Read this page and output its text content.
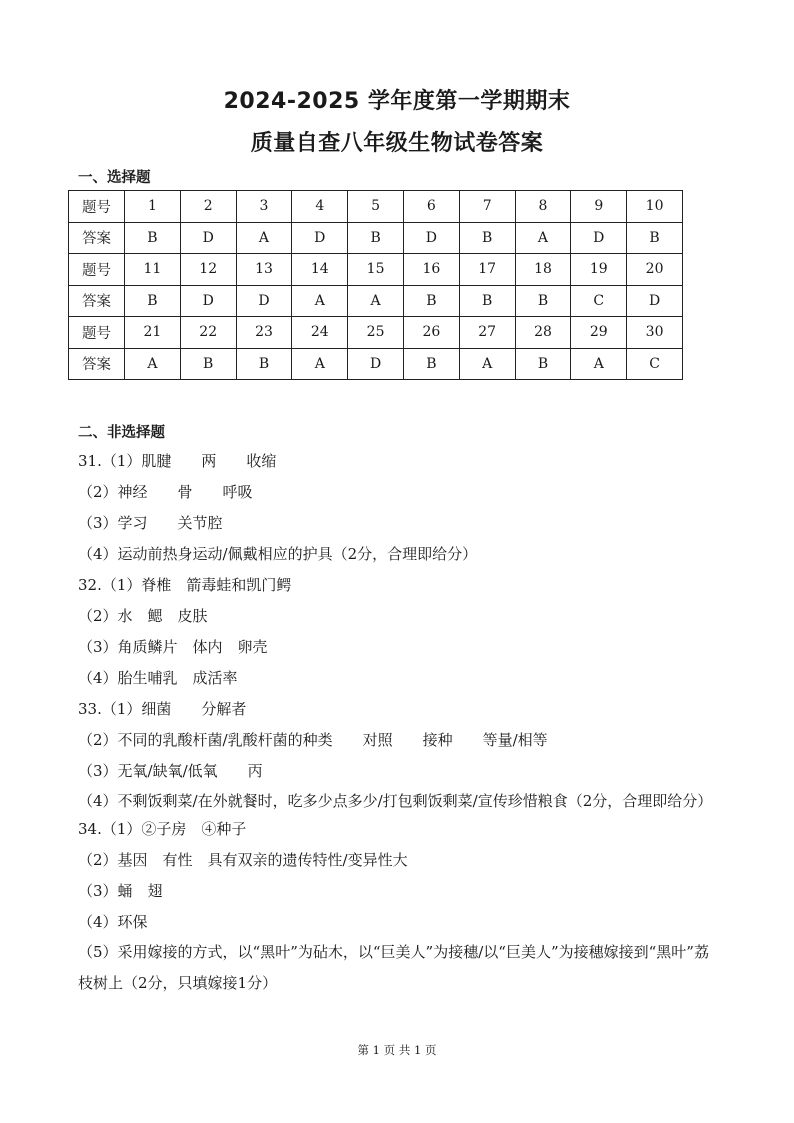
2024-2025 学年度第一学期期末
质量自查八年级生物试卷答案
一、选择题
题号	1	2	3	4	5	6	7	8	9	10
答案	B	D	A	D	B	D	B	A	D	B
题号	11	12	13	14	15	16	17	18	19	20
答案	B	D	D	A	A	B	B	B	C	D
题号	21	22	23	24	25	26	27	28	29	30
答案	A	B	B	A	D	B	A	B	A	C
二、非选择题
31.（1）肌腱　　两　　收缩
（2）神经　　骨　　呼吸
（3）学习　　关节腔
（4）运动前热身运动/佩戴相应的护具（2分，合理即给分）
32.（1）脊椎　箭毒蛙和凯门鳄
（2）水　鳃　皮肤
（3）角质鳞片　体内　卵壳
（4）胎生哺乳　成活率
33.（1）细菌　　分解者
（2）不同的乳酸杆菌/乳酸杆菌的种类　　对照　　接种　　等量/相等
（3）无氧/缺氧/低氧　　丙
（4）不剩饭剩菜/在外就餐时，吃多少点多少/打包剩饭剩菜/宣传珍惜粮食（2分，合理即给分）
34.（1）②子房　④种子
（2）基因　有性　具有双亲的遗传特性/变异性大
（3）蛹　翅
（4）环保
（5）采用嫁接的方式，以“黑叶”为砧木，以“巨美人”为接穗/以“巨美人”为接穗嫁接到“黑叶”荔枝树上（2分，只填嫁接1分）
第 1 页 共 1 页
